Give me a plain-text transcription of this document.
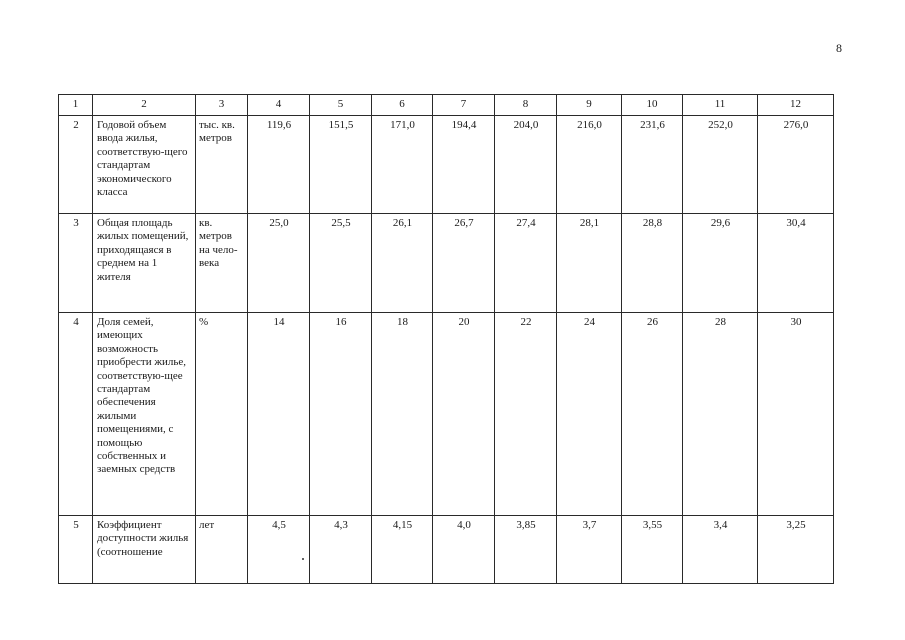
8
1	2	3	4	5	6	7	8	9	10	11	12
2	Годовой объем ввода жилья, соответствую-щего стандартам экономического класса	тыс. кв. метров	119,6	151,5	171,0	194,4	204,0	216,0	231,6	252,0	276,0
3	Общая площадь жилых помещений, приходящаяся в среднем на 1 жителя	кв. метров на чело-века	25,0	25,5	26,1	26,7	27,4	28,1	28,8	29,6	30,4
4	Доля семей, имеющих возможность приобрести жилье, соответствую-щее стандартам обеспечения жилыми помещениями, с помощью собственных и заемных средств	%	14	16	18	20	22	24	26	28	30
5	Коэффициент доступности жилья (соотношение	лет	4,5	4,3	4,15	4,0	3,85	3,7	3,55	3,4	3,25
